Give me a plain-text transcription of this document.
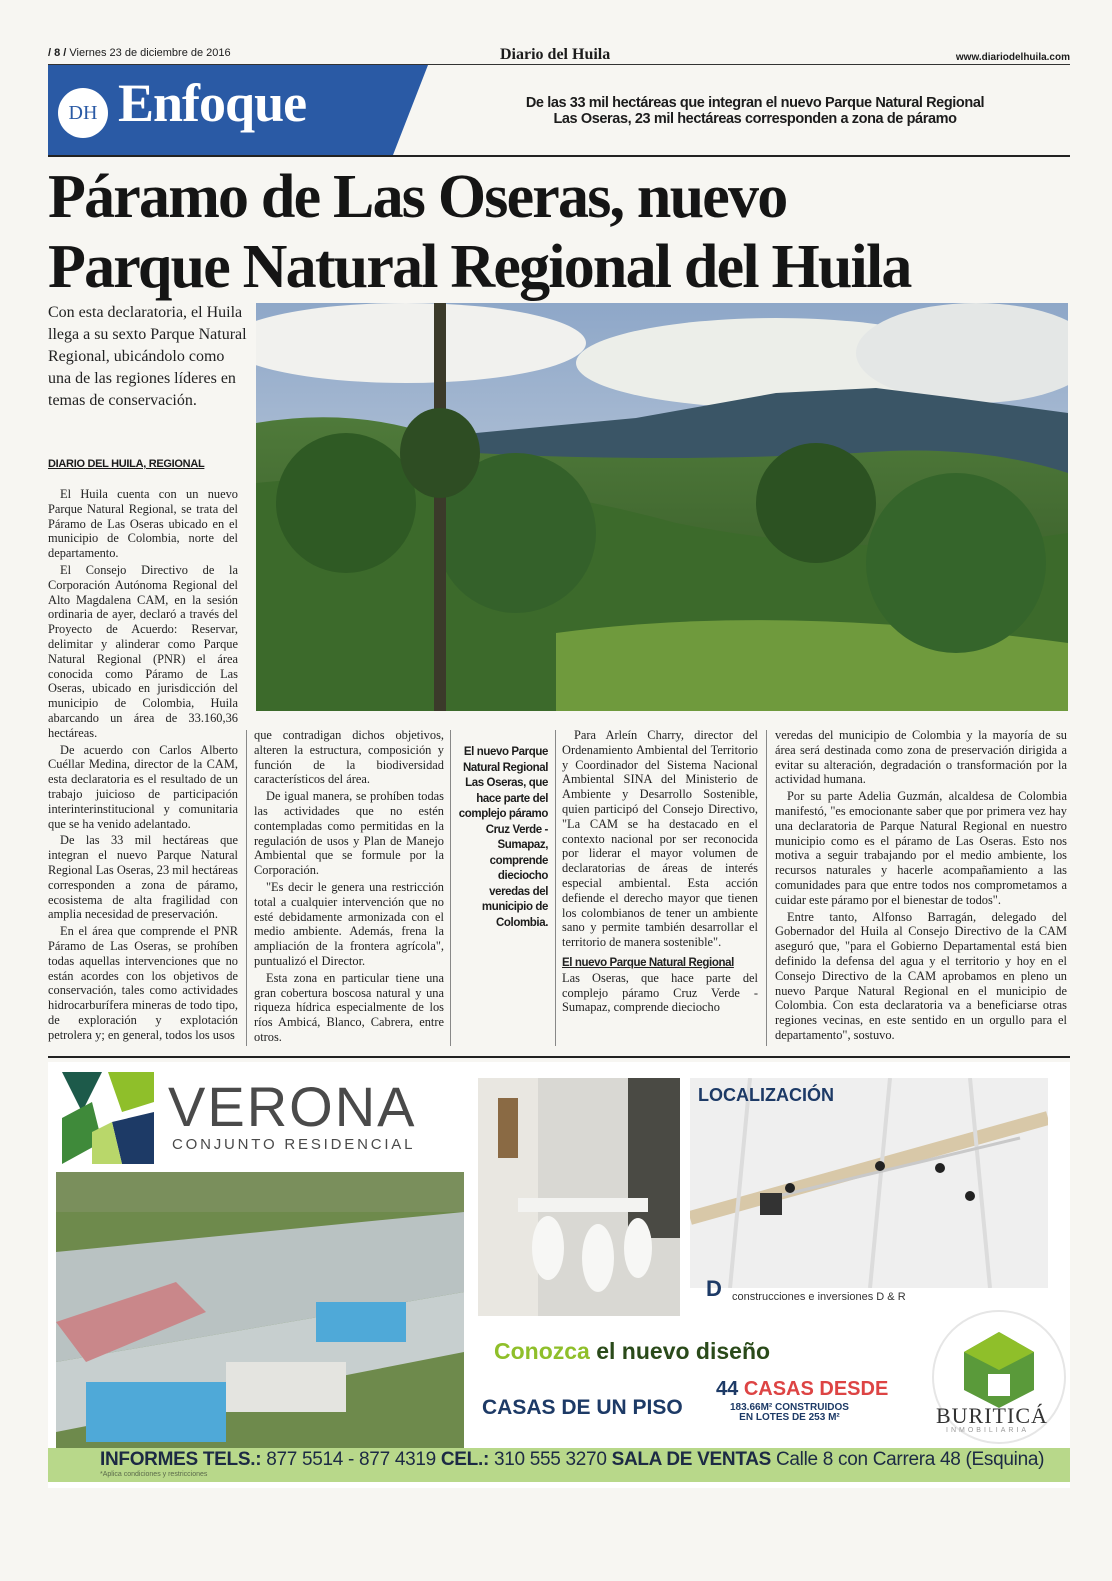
/ 8 / Viernes 23 de diciembre de 2016	Diario del Huila	www.diariodelhuila.com
DH Enfoque	De las 33 mil hectáreas que integran el nuevo Parque Natural Regional
Las Oseras, 23 mil hectáreas corresponden a zona de páramo
Páramo de Las Oseras, nuevo
Parque Natural Regional del Huila
Con esta declaratoria, el Huila llega a su sexto Parque Natural Regional, ubicándolo como una de las regiones líderes en temas de conservación.
DIARIO DEL HUILA, REGIONAL

El Huila cuenta con un nuevo Parque Natural Regional, se trata del Páramo de Las Oseras ubicado en el municipio de Colombia, norte del departamento.

El Consejo Directivo de la Corporación Autónoma Regional del Alto Magdalena CAM, en la sesión ordinaria de ayer, declaró a través del Proyecto de Acuerdo: Reservar, delimitar y alinderar como Parque Natural Regional (PNR) el área conocida como Páramo de Las Oseras, ubicado en jurisdicción del municipio de Colombia, Huila abarcando un área de 33.160,36 hectáreas.

De acuerdo con Carlos Alberto Cuéllar Medina, director de la CAM, esta declaratoria es el resultado de un trabajo juicioso de participación interinterinstitucional y comunitaria que se ha venido adelantado.

De las 33 mil hectáreas que integran el nuevo Parque Natural Regional Las Oseras, 23 mil hectáreas corresponden a zona de páramo, ecosistema de alta fragilidad con amplia necesidad de preservación.

En el área que comprende el PNR Páramo de Las Oseras, se prohíben todas aquellas intervenciones que no están acordes con los objetivos de conservación, tales como actividades hidrocarburífera mineras de todo tipo, de exploración y explotación petrolera y; en general, todos los usos

que contradigan dichos objetivos, alteren la estructura, composición y función de la biodiversidad característicos del área.

De igual manera, se prohíben todas las actividades que no estén contempladas como permitidas en la regulación de usos y Plan de Manejo Ambiental que se formule por la Corporación.

"Es decir le genera una restricción total a cualquier intervención que no esté debidamente armonizada con el medio ambiente. Además, frena la ampliación de la frontera agrícola", puntualizó el Director.

Esta zona en particular tiene una gran cobertura boscosa natural y una riqueza hídrica especialmente de los ríos Ambicá, Blanco, Cabrera, entre otros.

El nuevo Parque Natural Regional Las Oseras, que hace parte del complejo páramo Cruz Verde - Sumapaz, comprende dieciocho veredas del municipio de Colombia.

Para Arleín Charry, director del Ordenamiento Ambiental del Territorio y Coordinador del Sistema Nacional Ambiental SINA del Ministerio de Ambiente y Desarrollo Sostenible, quien participó del Consejo Directivo, "La CAM se ha destacado en el contexto nacional por ser reconocida por liderar el mayor volumen de declaratorias de áreas de interés especial ambiental. Esta acción defiende el derecho mayor que tienen los colombianos de tener un ambiente sano y permite también desarrollar el territorio de manera sostenible".

El nuevo Parque Natural Regional

Las Oseras, que hace parte del complejo páramo Cruz Verde - Sumapaz, comprende dieciocho

veredas del municipio de Colombia y la mayoría de su área será destinada como zona de preservación dirigida a evitar su alteración, degradación o transformación por la actividad humana.

Por su parte Adelia Guzmán, alcaldesa de Colombia manifestó, "es emocionante saber que por primera vez hay una declaratoria de Parque Natural Regional en nuestro municipio como es el páramo de Las Oseras. Esto nos motiva a seguir trabajando por el medio ambiente, los recursos naturales y hacerle acompañamiento a las comunidades para que entre todos nos comprometamos a cuidar este páramo por el bienestar de todos".

Entre tanto, Alfonso Barragán, delegado del Gobernador del Huila al Consejo Directivo de la CAM aseguró que, "para el Gobierno Departamental está bien definido la defensa del agua y el territorio y hoy en el Consejo Directivo de la CAM aprobamos en pleno un nuevo Parque Natural Regional en el municipio de Colombia. Con esta declaratoria va a beneficiarse otras regiones vecinas, en este sentido en un orgullo para el departamento", sostuvo.

VERONA
CONJUNTO RESIDENCIAL
LOCALIZACIÓN
D construcciones e inversiones D & R
Conozca el nuevo diseño
CASAS DE UN PISO
44 CASAS DESDE
183.66M² CONSTRUIDOS
EN LOTES DE 253 M²	BURITICÁ
INMOBILIARIA
INFORMES TELS.: 877 5514 - 877 4319 CEL.: 310 555 3270 SALA DE VENTAS Calle 8 con Carrera 48 (Esquina)
*Aplica condiciones y restricciones
